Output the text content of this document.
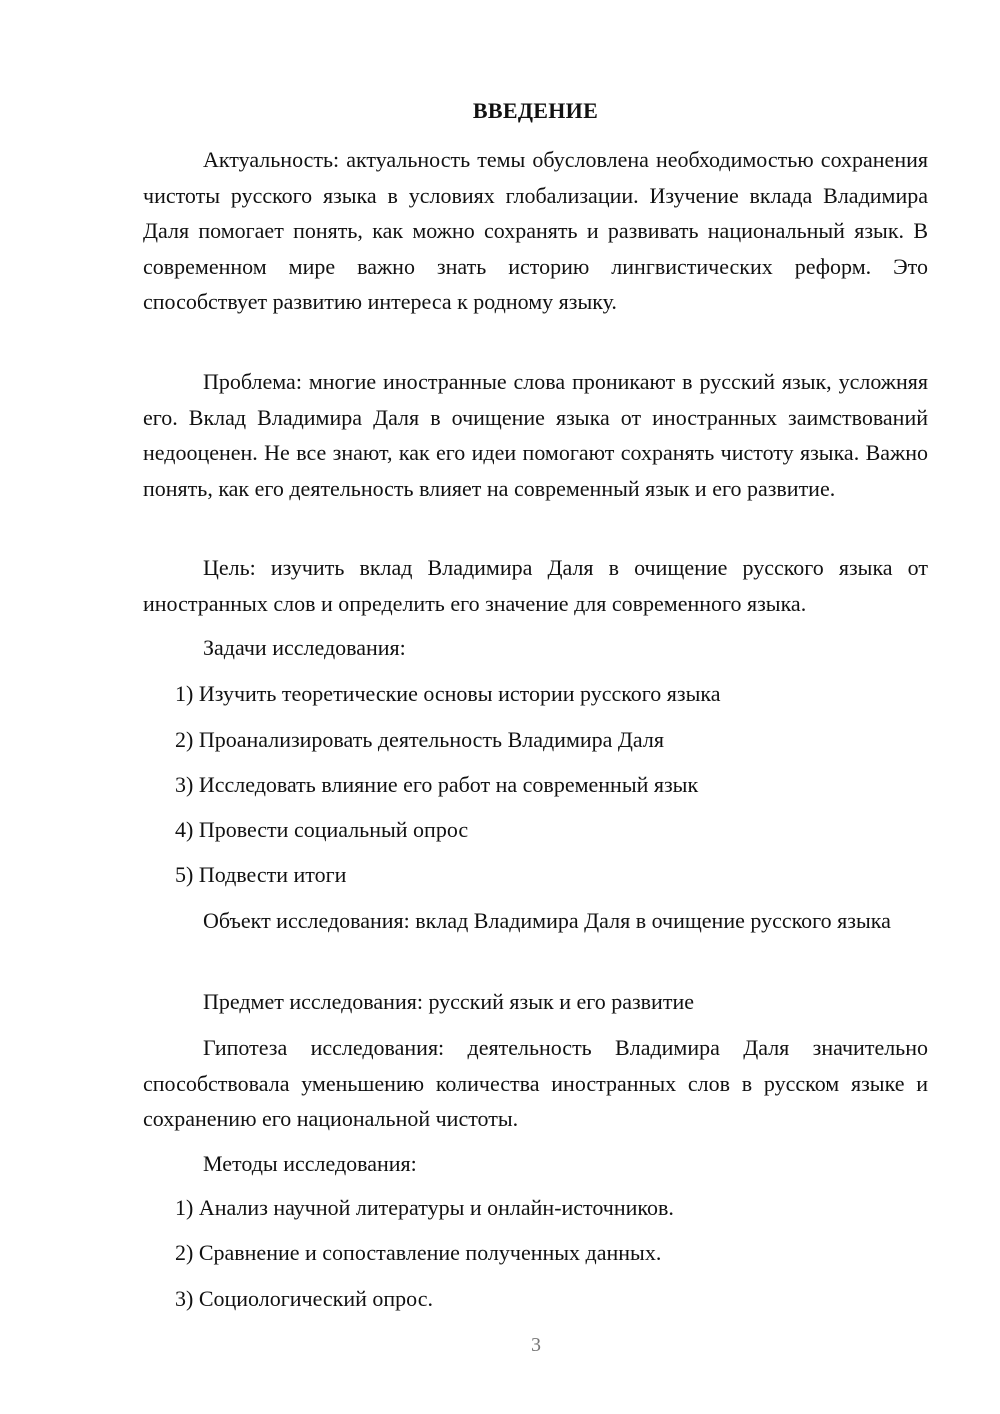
ВВЕДЕНИЕ
Актуальность: актуальность темы обусловлена необходимостью сохранения чистоты русского языка в условиях глобализации. Изучение вклада Владимира Даля помогает понять, как можно сохранять и развивать национальный язык. В современном мире важно знать историю лингвистических реформ. Это способствует развитию интереса к родному языку.
Проблема: многие иностранные слова проникают в русский язык, усложняя его. Вклад Владимира Даля в очищение языка от иностранных заимствований недооценен. Не все знают, как его идеи помогают сохранять чистоту языка. Важно понять, как его деятельность влияет на современный язык и его развитие.
Цель: изучить вклад Владимира Даля в очищение русского языка от иностранных слов и определить его значение для современного языка.
Задачи исследования:
1) Изучить теоретические основы истории русского языка
2) Проанализировать деятельность Владимира Даля
3) Исследовать влияние его работ на современный язык
4) Провести социальный опрос
5) Подвести итоги
Объект исследования: вклад Владимира Даля в очищение русского языка
Предмет исследования: русский язык и его развитие
Гипотеза исследования: деятельность Владимира Даля значительно способствовала уменьшению количества иностранных слов в русском языке и сохранению его национальной чистоты.
Методы исследования:
1) Анализ научной литературы и онлайн-источников.
2) Сравнение и сопоставление полученных данных.
3) Социологический опрос.
3
